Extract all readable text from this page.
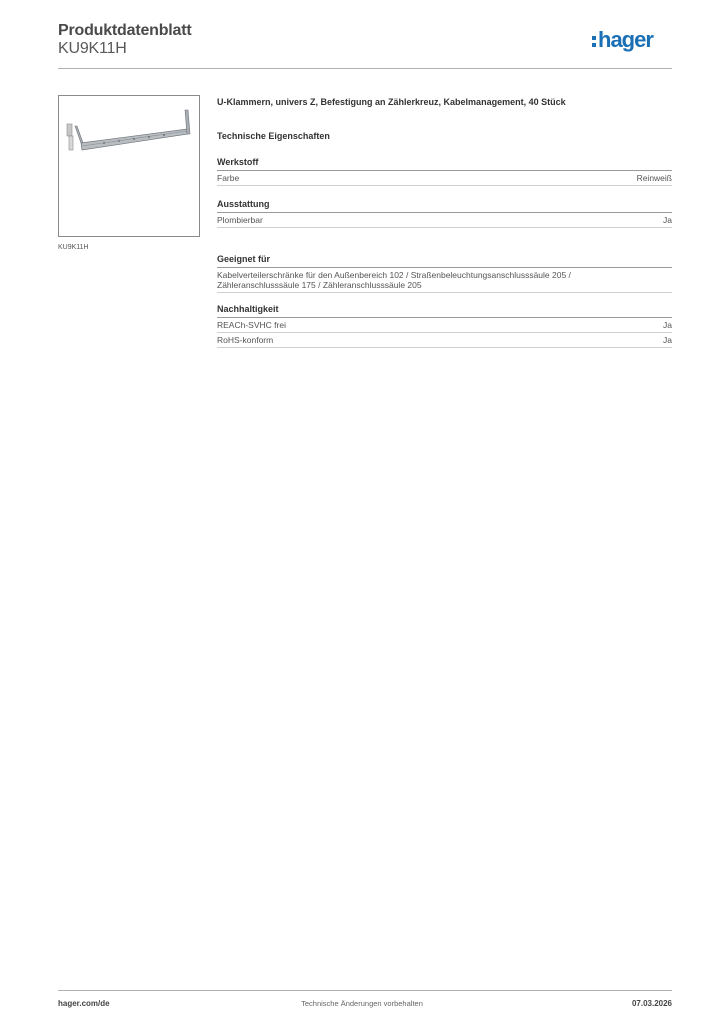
Produktdatenblatt
KU9K11H	hager
KU9K11H
U-Klammern, univers Z, Befestigung an Zählerkreuz, Kabelmanagement, 40 Stück
Technische Eigenschaften
Werkstoff
Farbe	Reinweiß
Ausstattung
Plombierbar	Ja
Geeignet für
Kabelverteilerschränke für den Außenbereich 102 / Straßenbeleuchtungsanschlusssäule 205 /
Zähleranschlusssäule 175 / Zähleranschlusssäule 205
Nachhaltigkeit
REACh-SVHC frei	Ja
RoHS-konform	Ja
hager.com/de	Technische Änderungen vorbehalten	07.03.2026
